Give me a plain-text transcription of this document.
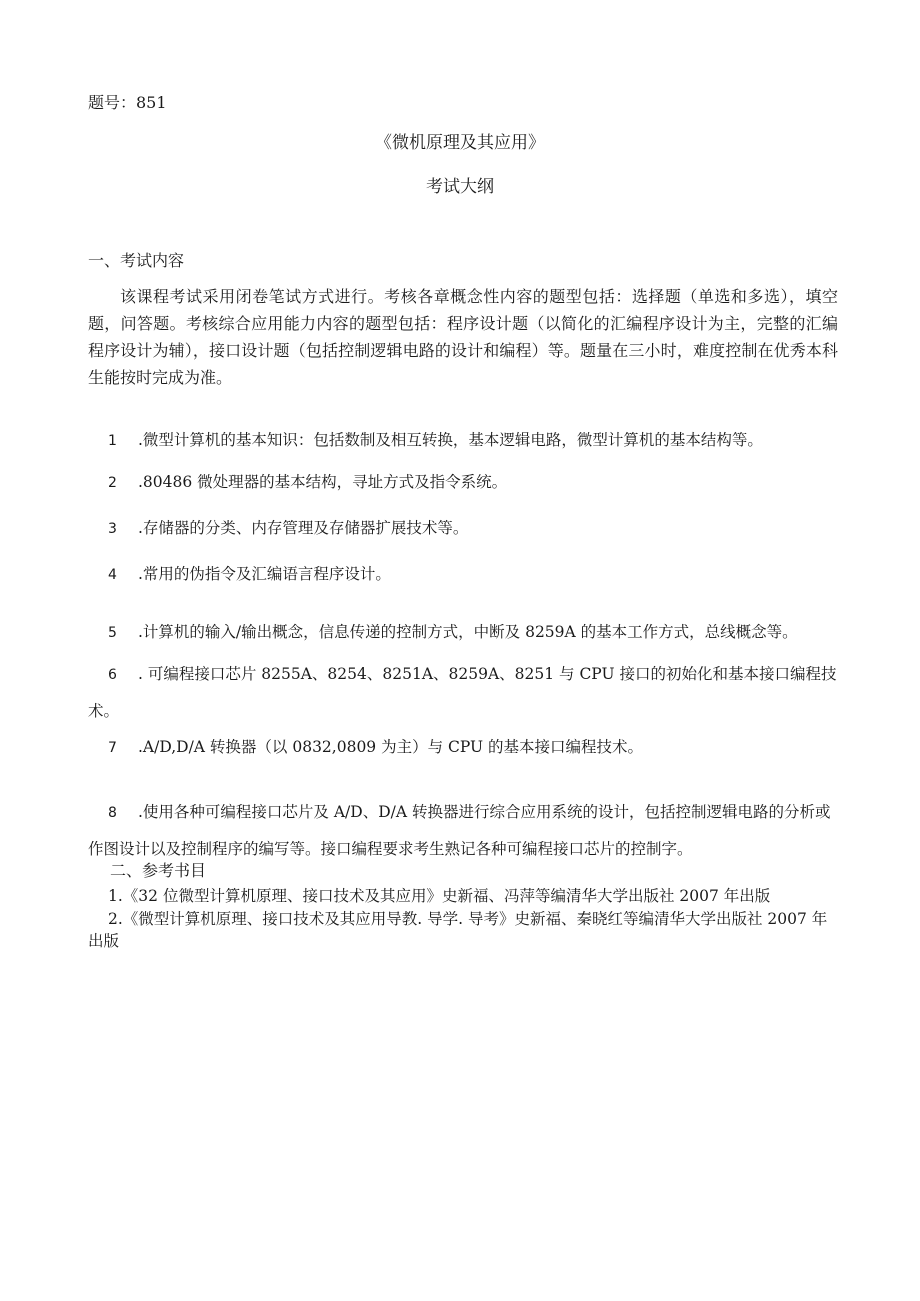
题号：851

《微机原理及其应用》

考试大纲

一、考试内容

该课程考试采用闭卷笔试方式进行。考核各章概念性内容的题型包括：选择题（单选和多选），填空题，问答题。考核综合应用能力内容的题型包括：程序设计题（以简化的汇编程序设计为主，完整的汇编程序设计为辅），接口设计题（包括控制逻辑电路的设计和编程）等。题量在三小时，难度控制在优秀本科生能按时完成为准。

1 .微型计算机的基本知识：包括数制及相互转换，基本逻辑电路，微型计算机的基本结构等。
2 .80486 微处理器的基本结构，寻址方式及指令系统。
3 .存储器的分类、内存管理及存储器扩展技术等。
4 .常用的伪指令及汇编语言程序设计。
5 .计算机的输入/输出概念，信息传递的控制方式，中断及 8259A 的基本工作方式，总线概念等。
6 . 可编程接口芯片 8255A、8254、8251A、8259A、8251 与 CPU 接口的初始化和基本接口编程技术。
7 .A/D,D/A 转换器（以 0832,0809 为主）与 CPU 的基本接口编程技术。
8 .使用各种可编程接口芯片及 A/D、D/A 转换器进行综合应用系统的设计，包括控制逻辑电路的分析或作图设计以及控制程序的编写等。接口编程要求考生熟记各种可编程接口芯片的控制字。

二、参考书目

1.《32 位微型计算机原理、接口技术及其应用》史新福、冯萍等编清华大学出版社 2007 年出版

2.《微型计算机原理、接口技术及其应用导教. 导学. 导考》史新福、秦晓红等编清华大学出版社 2007 年出版
